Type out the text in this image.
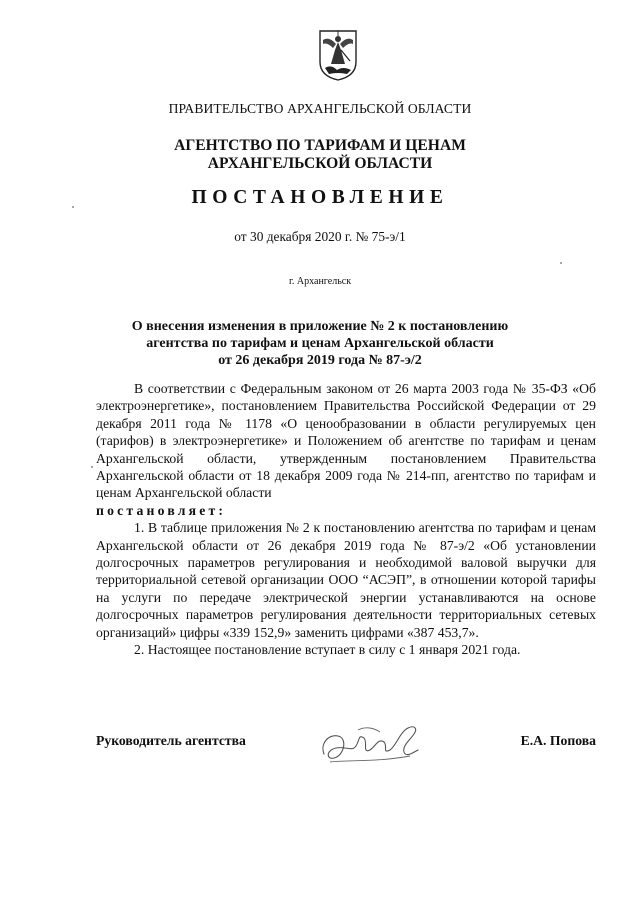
ПРАВИТЕЛЬСТВО АРХАНГЕЛЬСКОЙ ОБЛАСТИ
АГЕНТСТВО ПО ТАРИФАМ И ЦЕНАМ
АРХАНГЕЛЬСКОЙ ОБЛАСТИ
ПОСТАНОВЛЕНИЕ
от 30 декабря 2020 г. № 75-э/1
г. Архангельск
О внесения изменения в приложение № 2 к постановлению
агентства по тарифам и ценам Архангельской области
от 26 декабря 2019 года № 87-э/2

В соответствии с Федеральным законом от 26 марта 2003 года № 35-ФЗ «Об электроэнергетике», постановлением Правительства Российской Федерации от 29 декабря 2011 года № 1178 «О ценообразовании в области регулируемых цен (тарифов) в электроэнергетике» и Положением об агентстве по тарифам и ценам Архангельской области, утвержденным постановлением Правительства Архангельской области от 18 декабря 2009 года № 214-пп, агентство по тарифам и ценам Архангельской области

постановляет:

1. В таблице приложения № 2 к постановлению агентства по тарифам и ценам Архангельской области от 26 декабря 2019 года № 87-э/2 «Об установлении долгосрочных параметров регулирования и необходимой валовой выручки для территориальной сетевой организации ООО “АСЭП”, в отношении которой тарифы на услуги по передаче электрической энергии устанавливаются на основе долгосрочных параметров регулирования деятельности территориальных сетевых организаций» цифры «339 152,9» заменить цифрами «387 453,7».

2. Настоящее постановление вступает в силу с 1 января 2021 года.

Руководитель агентства	Е.А. Попова
